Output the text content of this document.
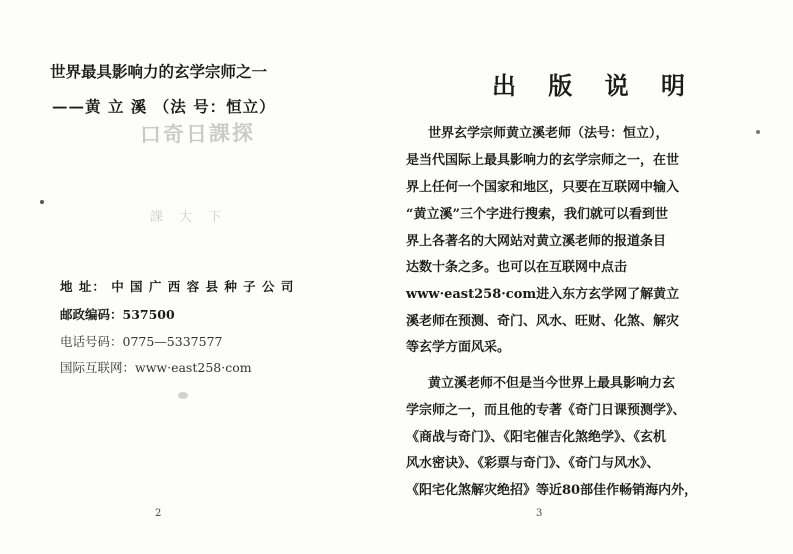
世界最具影响力的玄学宗师之一
——黄 立 溪 （法 号：恒立）
口奇日課探
課 大 下
地 址： 中 国 广 西 容 县 种 子 公 司
邮政编码：537500
电话号码：0775—5337577
国际互联网：www·east258·com
2
出 版 说 明
世界玄学宗师黄立溪老师（法号：恒立），
是当代国际上最具影响力的玄学宗师之一，在世
界上任何一个国家和地区，只要在互联网中输入
“黄立溪”三个字进行搜索，我们就可以看到世
界上各著名的大网站对黄立溪老师的报道条目
达数十条之多。也可以在互联网中点击
www·east258·com进入东方玄学网了解黄立
溪老师在预测、奇门、风水、旺财、化煞、解灾
等玄学方面风采。
黄立溪老师不但是当今世界上最具影响力玄
学宗师之一，而且他的专著《奇门日课预测学》、
《商战与奇门》、《阳宅催吉化煞绝学》、《玄机
风水密诀》、《彩票与奇门》、《奇门与风水》、
《阳宅化煞解灾绝招》等近80部佳作畅销海内外，
3
